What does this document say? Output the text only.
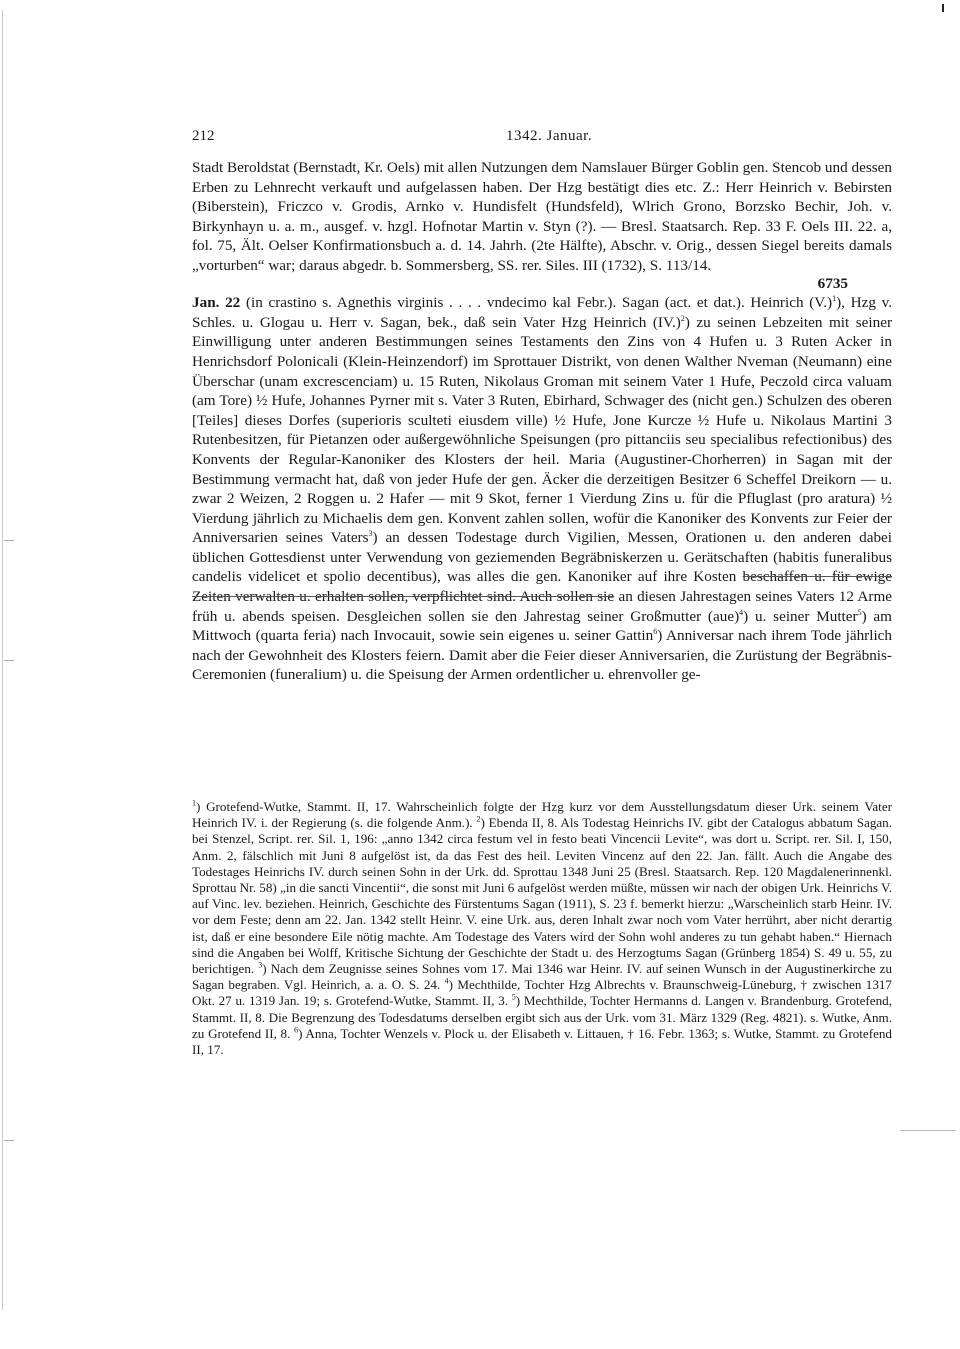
212	1342. Januar.

Stadt Beroldstat (Bernstadt, Kr. Oels) mit allen Nutzungen dem Namslauer Bürger Goblin gen. Stencob und dessen Erben zu Lehnrecht verkauft und aufgelassen haben. Der Hzg bestätigt dies etc. Z.: Herr Heinrich v. Bebirsten (Biberstein), Friczco v. Grodis, Arnko v. Hundisfelt (Hundsfeld), Wlrich Grono, Borzsko Bechir, Joh. v. Birkynhayn u. a. m., ausgef. v. hzgl. Hofnotar Martin v. Styn (?). — Bresl. Staatsarch. Rep. 33 F. Oels III. 22. a, fol. 75, Ält. Oelser Konfirmationsbuch a. d. 14. Jahrh. (2te Hälfte), Abschr. v. Orig., dessen Siegel bereits damals „vorturben“ war; daraus abgedr. b. Sommersberg, SS. rer. Siles. III (1732), S. 113/14.
6735

Jan. 22 (in crastino s. Agnethis virginis . . . . vndecimo kal Febr.). Sagan (act. et dat.). Heinrich $(V.)^1$), Hzg v. Schles. u. Glogau u. Herr v. Sagan, bek., daß sein Vater Hzg Heinrich $(IV.)^2$) zu seinen Lebzeiten mit seiner Einwilligung unter anderen Bestimmungen seines Testaments den Zins von 4 Hufen u. 3 Ruten Acker in Henrichsdorf Polonicali (Klein-Heinzendorf) im Sprottauer Distrikt, von denen Walther Nveman (Neumann) eine Überschar (unam excrescenciam) u. 15 Ruten, Nikolaus Groman mit seinem Vater 1 Hufe, Peczold circa valuam (am Tore) ½ Hufe, Johannes Pyrner mit s. Vater 3 Ruten, Ebirhard, Schwager des (nicht gen.) Schulzen des oberen [Teiles] dieses Dorfes (superioris sculteti eiusdem ville) ½ Hufe, Jone Kurcze ½ Hufe u. Nikolaus Martini 3 Rutenbesitzen, für Pietanzen oder außergewöhnliche Speisungen (pro pittanciis seu specialibus refectionibus) des Konvents der Regular-Kanoniker des Klosters der heil. Maria (Augustiner-Chorherren) in Sagan mit der Bestimmung vermacht hat, daß von jeder Hufe der gen. Äcker die derzeitigen Besitzer 6 Scheffel Dreikorn — u. zwar 2 Weizen, 2 Roggen u. 2 Hafer — mit 9 Skot, ferner 1 Vierdung Zins u. für die Pfluglast (pro aratura) ½ Vierdung jährlich zu Michaelis dem gen. Konvent zahlen sollen, wofür die Kanoniker des Konvents zur Feier der Anniversarien seines Vaters$^3$) an dessen Todestage durch Vigilien, Messen, Orationen u. den anderen dabei üblichen Gottesdienst unter Verwendung von geziemenden Begräbniskerzen u. Gerätschaften (habitis funeralibus candelis videlicet et spolio decentibus), was alles die gen. Kanoniker auf ihre Kosten beschaffen u. für ewige Zeiten verwalten u. erhalten sollen, verpflichtet sind. Auch sollen sie an diesen Jahrestagen seines Vaters 12 Arme früh u. abends speisen. Desgleichen sollen sie den Jahrestag seiner Großmutter (aue)$^4$) u. seiner Mutter$^5$) am Mittwoch (quarta feria) nach Invocauit, sowie sein eigenes u. seiner Gattin$^6$) Anniversar nach ihrem Tode jährlich nach der Gewohnheit des Klosters feiern. Damit aber die Feier dieser Anniversarien, die Zurüstung der Begräbnis-Ceremonien (funeralium) u. die Speisung der Armen ordentlicher u. ehrenvoller ge-

$^1$) Grotefend-Wutke, Stammt. II, 17. Wahrscheinlich folgte der Hzg kurz vor dem Ausstellungsdatum dieser Urk. seinem Vater Heinrich IV. i. der Regierung (s. die folgende Anm.). $^2$) Ebenda II, 8. Als Todestag Heinrichs IV. gibt der Catalogus abbatum Sagan. bei Stenzel, Script. rer. Sil. 1, 196: „anno 1342 circa festum vel in festo beati Vincencii Levite“, was dort u. Script. rer. Sil. I, 150, Anm. 2, fälschlich mit Juni 8 aufgelöst ist, da das Fest des heil. Leviten Vincenz auf den 22. Jan. fällt. Auch die Angabe des Todestages Heinrichs IV. durch seinen Sohn in der Urk. dd. Sprottau 1348 Juni 25 (Bresl. Staatsarch. Rep. 120 Magdalenerinnenkl. Sprottau Nr. 58) „in die sancti Vincentii“, die sonst mit Juni 6 aufgelöst werden müßte, müssen wir nach der obigen Urk. Heinrichs V. auf Vinc. lev. beziehen. Heinrich, Geschichte des Fürstentums Sagan (1911), S. 23 f. bemerkt hierzu: „Warscheinlich starb Heinr. IV. vor dem Feste; denn am 22. Jan. 1342 stellt Heinr. V. eine Urk. aus, deren Inhalt zwar noch vom Vater herrührt, aber nicht derartig ist, daß er eine besondere Eile nötig machte. Am Todestage des Vaters wird der Sohn wohl anderes zu tun gehabt haben.“ Hiernach sind die Angaben bei Wolff, Kritische Sichtung der Geschichte der Stadt u. des Herzogtums Sagan (Grünberg 1854) S. 49 u. 55, zu berichtigen. $^3$) Nach dem Zeugnisse seines Sohnes vom 17. Mai 1346 war Heinr. IV. auf seinen Wunsch in der Augustinerkirche zu Sagan begraben. Vgl. Heinrich, a. a. O. S. 24. $^4$) Mechthilde, Tochter Hzg Albrechts v. Braunschweig-Lüneburg, † zwischen 1317 Okt. 27 u. 1319 Jan. 19; s. Grotefend-Wutke, Stammt. II, 3. $^5$) Mechthilde, Tochter Hermanns d. Langen v. Brandenburg. Grotefend, Stammt. II, 8. Die Begrenzung des Todesdatums derselben ergibt sich aus der Urk. vom 31. März 1329 (Reg. 4821). s. Wutke, Anm. zu Grotefend II, 8. $^6$) Anna, Tochter Wenzels v. Plock u. der Elisabeth v. Littauen, † 16. Febr. 1363; s. Wutke, Stammt. zu Grotefend II, 17.
